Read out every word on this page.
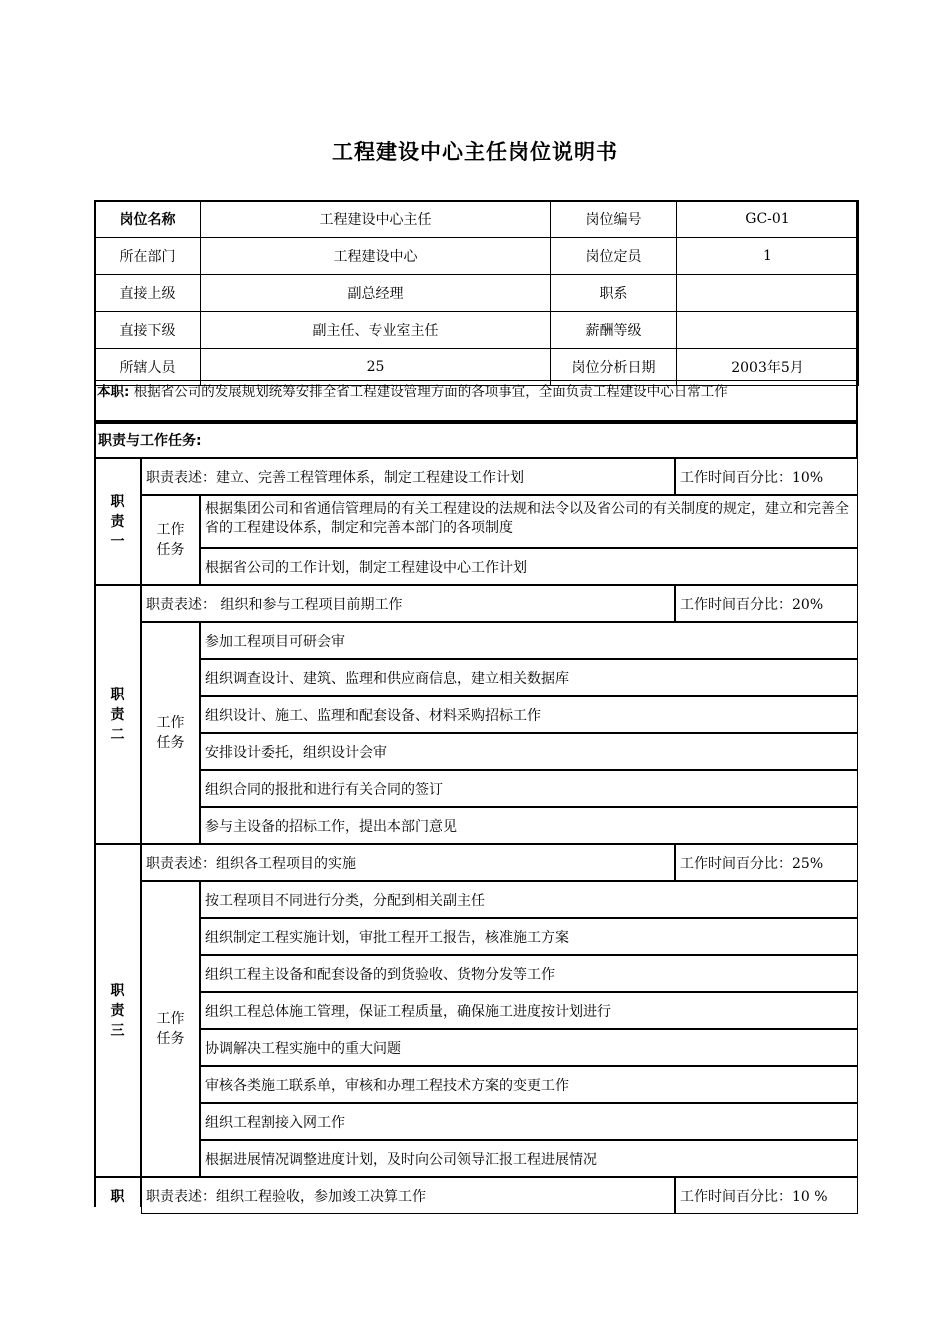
工程建设中心主任岗位说明书
岗位名称	工程建设中心主任	岗位编号	GC-01
所在部门	工程建设中心	岗位定员	1
直接上级	副总经理	职系	
直接下级	副主任、专业室主任	薪酬等级	
所辖人员	25	岗位分析日期	2003年5月
本职: 根据省公司的发展规划统筹安排全省工程建设管理方面的各项事宜，全面负责工程建设中心日常工作
职责与工作任务:
职责一
职责表述：建立、完善工程管理体系，制定工程建设工作计划	工作时间百分比：10%
工作任务
根据集团公司和省通信管理局的有关工程建设的法规和法令以及省公司的有关制度的规定，建立和完善全省的工程建设体系，制定和完善本部门的各项制度
根据省公司的工作计划，制定工程建设中心工作计划
职责二
职责表述： 组织和参与工程项目前期工作	工作时间百分比：20%
工作任务
参加工程项目可研会审
组织调查设计、建筑、监理和供应商信息，建立相关数据库
组织设计、施工、监理和配套设备、材料采购招标工作
安排设计委托，组织设计会审
组织合同的报批和进行有关合同的签订
参与主设备的招标工作，提出本部门意见
职责三
职责表述：组织各工程项目的实施	工作时间百分比：25%
工作任务
按工程项目不同进行分类，分配到相关副主任
组织制定工程实施计划，审批工程开工报告，核准施工方案
组织工程主设备和配套设备的到货验收、货物分发等工作
组织工程总体施工管理，保证工程质量，确保施工进度按计划进行
协调解决工程实施中的重大问题
审核各类施工联系单，审核和办理工程技术方案的变更工作
组织工程割接入网工作
根据进展情况调整进度计划，及时向公司领导汇报工程进展情况
职 职责表述：组织工程验收，参加竣工决算工作	工作时间百分比：10 %
